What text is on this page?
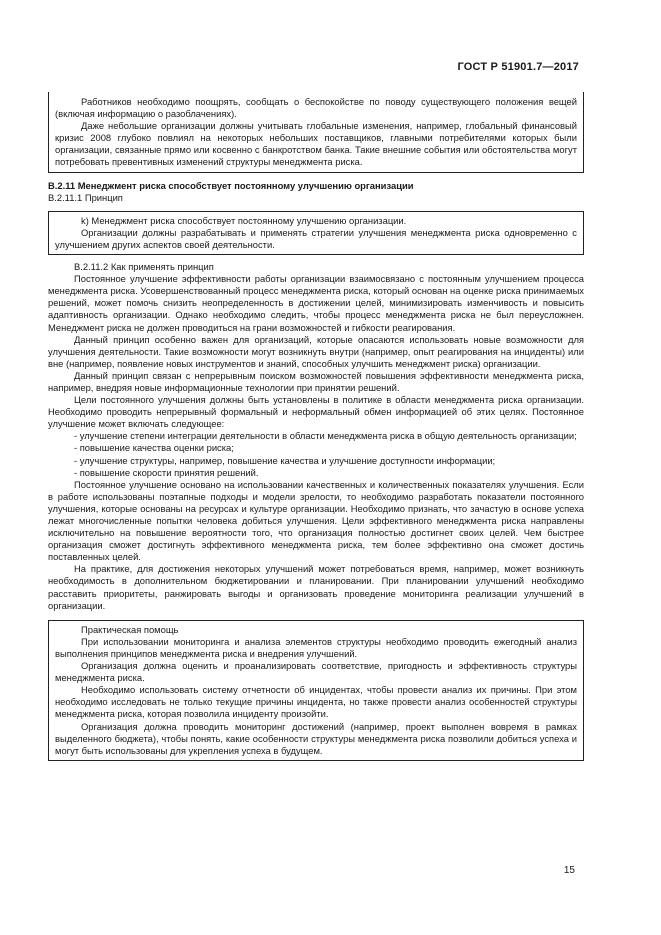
ГОСТ Р 51901.7—2017

Работников необходимо поощрять, сообщать о беспокойстве по поводу существующего положения вещей (включая информацию о разоблачениях).

Даже небольшие организации должны учитывать глобальные изменения, например, глобальный финансовый кризис 2008 глубоко повлиял на некоторых небольших поставщиков, главными потребителями которых были организации, связанные прямо или косвенно с банкротством банка. Такие внешние события или обстоятельства могут потребовать превентивных изменений структуры менеджмента риска.

В.2.11 Менеджмент риска способствует постоянному улучшению организации

В.2.11.1 Принцип

k) Менеджмент риска способствует постоянному улучшению организации.

Организации должны разрабатывать и применять стратегии улучшения менеджмента риска одновременно с улучшением других аспектов своей деятельности.

В.2.11.2 Как применять принцип

Постоянное улучшение эффективности работы организации взаимосвязано с постоянным улучшением процесса менеджмента риска. Усовершенствованный процесс менеджмента риска, который основан на оценке риска принимаемых решений, может помочь снизить неопределенность в достижении целей, минимизировать изменчивость и повысить адаптивность организации. Однако необходимо следить, чтобы процесс менеджмента риска не был переусложнен. Менеджмент риска не должен проводиться на грани возможностей и гибкости реагирования.

Данный принцип особенно важен для организаций, которые опасаются использовать новые возможности для улучшения деятельности. Такие возможности могут возникнуть внутри (например, опыт реагирования на инциденты) или вне (например, появление новых инструментов и знаний, способных улучшить менеджмент риска) организации.

Данный принцип связан с непрерывным поиском возможностей повышения эффективности менеджмента риска, например, внедряя новые информационные технологии при принятии решений.

Цели постоянного улучшения должны быть установлены в политике в области менеджмента риска организации. Необходимо проводить непрерывный формальный и неформальный обмен информацией об этих целях. Постоянное улучшение может включать следующее:

- улучшение степени интеграции деятельности в области менеджмента риска в общую деятельность организации;

- повышение качества оценки риска;

- улучшение структуры, например, повышение качества и улучшение доступности информации;

- повышение скорости принятия решений.

Постоянное улучшение основано на использовании качественных и количественных показателях улучшения. Если в работе использованы поэтапные подходы и модели зрелости, то необходимо разработать показатели постоянного улучшения, которые основаны на ресурсах и культуре организации. Необходимо признать, что зачастую в основе успеха лежат многочисленные попытки человека добиться улучшения. Цели эффективного менеджмента риска направлены исключительно на повышение вероятности того, что организация полностью достигнет своих целей. Чем быстрее организация сможет достигнуть эффективного менеджмента риска, тем более эффективно она сможет достичь поставленных целей.

На практике, для достижения некоторых улучшений может потребоваться время, например, может возникнуть необходимость в дополнительном бюджетировании и планировании. При планировании улучшений необходимо расставить приоритеты, ранжировать выгоды и организовать проведение мониторинга реализации улучшений в организации.

Практическая помощь

При использовании мониторинга и анализа элементов структуры необходимо проводить ежегодный анализ выполнения принципов менеджмента риска и внедрения улучшений.

Организация должна оценить и проанализировать соответствие, пригодность и эффективность структуры менеджмента риска.

Необходимо использовать систему отчетности об инцидентах, чтобы провести анализ их причины. При этом необходимо исследовать не только текущие причины инцидента, но также провести анализ особенностей структуры менеджмента риска, которая позволила инциденту произойти.

Организация должна проводить мониторинг достижений (например, проект выполнен вовремя в рамках выделенного бюджета), чтобы понять, какие особенности структуры менеджмента риска позволили добиться успеха и могут быть использованы для укрепления успеха в будущем.

15
